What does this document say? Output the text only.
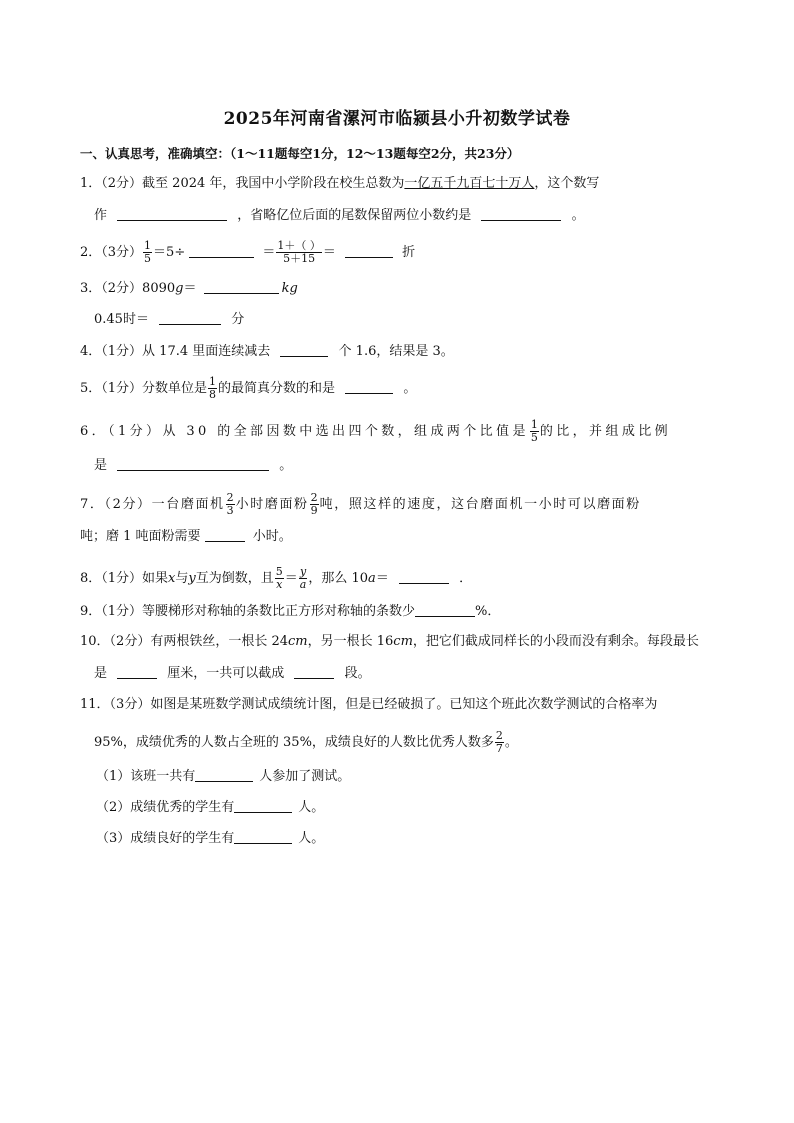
2025年河南省漯河市临颍县小升初数学试卷
一、认真思考，准确填空：（1～11题每空1分，12～13题每空2分，共23分）
1．（2分）截至 2024 年，我国中小学阶段在校生总数为一亿五千九百七十万人，这个数写
作	，省略亿位后面的尾数保留两位小数约是	。
2．（3分） $\frac{1}{5} =5\div$	＝ $\frac{1+( )}{5+15}$ ＝	折
3．（2分）8090g＝	kg
0.45时＝	分
4．（1分）从 17.4 里面连续减去	个 1.6，结果是 3。
5．（1分）分数单位是 $\frac{1}{8}$ 的最简真分数的和是	。
6．（1分）从 30 的全部因数中选出四个数，组成两个比值是 $\frac{1}{5}$ 的比，并组成比例
是	。
7．（2分）一台磨面机 $\frac{2}{3}$ 小时磨面粉 $\frac{2}{9}$ 吨，照这样的速度，这台磨面机一小时可以磨面粉
吨；磨 1 吨面粉需要	小时。
8．（1分）如果x与y互为倒数，且 $\frac{5}{x} = \frac{y}{a}$ ，那么 10a＝	．
9．（1分）等腰梯形对称轴的条数比正方形对称轴的条数少	%．
10．（2分）有两根铁丝，一根长 24cm，另一根长 16cm，把它们截成同样长的小段而没有剩余。每段最长
是	厘米，一共可以截成	段。
11．（3分）如图是某班数学测试成绩统计图，但是已经破损了。已知这个班此次数学测试的合格率为
95%，成绩优秀的人数占全班的 35%，成绩良好的人数比优秀人数多 $\frac{2}{7}$ 。
（1）该班一共有	人参加了测试。
（2）成绩优秀的学生有	人。
（3）成绩良好的学生有	人。
